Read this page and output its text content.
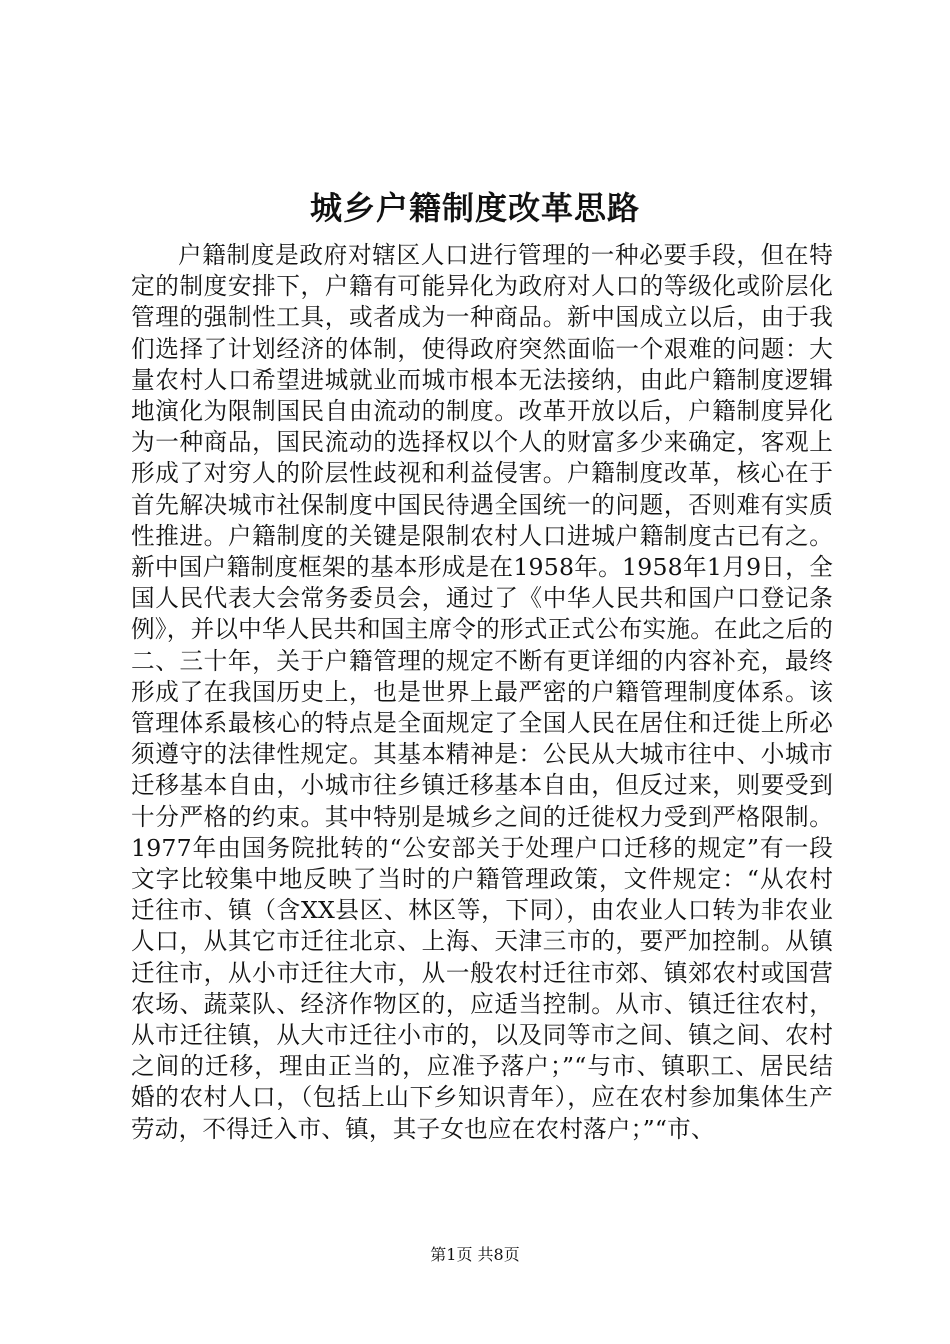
城乡户籍制度改革思路

户籍制度是政府对辖区人口进行管理的一种必要手段，但在特定的制度安排下，户籍有可能异化为政府对人口的等级化或阶层化管理的强制性工具，或者成为一种商品。新中国成立以后，由于我们选择了计划经济的体制，使得政府突然面临一个艰难的问题：大量农村人口希望进城就业而城市根本无法接纳，由此户籍制度逻辑地演化为限制国民自由流动的制度。改革开放以后，户籍制度异化为一种商品，国民流动的选择权以个人的财富多少来确定，客观上形成了对穷人的阶层性歧视和利益侵害。户籍制度改革，核心在于首先解决城市社保制度中国民待遇全国统一的问题，否则难有实质性推进。户籍制度的关键是限制农村人口进城户籍制度古已有之。新中国户籍制度框架的基本形成是在1958年。1958年1月9日，全国人民代表大会常务委员会，通过了《中华人民共和国户口登记条例》，并以中华人民共和国主席令的形式正式公布实施。在此之后的二、三十年，关于户籍管理的规定不断有更详细的内容补充，最终形成了在我国历史上，也是世界上最严密的户籍管理制度体系。该管理体系最核心的特点是全面规定了全国人民在居住和迁徙上所必须遵守的法律性规定。其基本精神是：公民从大城市往中、小城市迁移基本自由，小城市往乡镇迁移基本自由，但反过来，则要受到十分严格的约束。其中特别是城乡之间的迁徙权力受到严格限制。1977年由国务院批转的“公安部关于处理户口迁移的规定”有一段文字比较集中地反映了当时的户籍管理政策，文件规定：“从农村迁往市、镇（含XX县区、林区等，下同），由农业人口转为非农业人口，从其它市迁往北京、上海、天津三市的，要严加控制。从镇迁往市，从小市迁往大市，从一般农村迁往市郊、镇郊农村或国营农场、蔬菜队、经济作物区的，应适当控制。从市、镇迁往农村，从市迁往镇，从大市迁往小市的，以及同等市之间、镇之间、农村之间的迁移，理由正当的，应准予落户；”“与市、镇职工、居民结婚的农村人口，（包括上山下乡知识青年），应在农村参加集体生产劳动，不得迁入市、镇，其子女也应在农村落户；”“市、

第1页 共8页
